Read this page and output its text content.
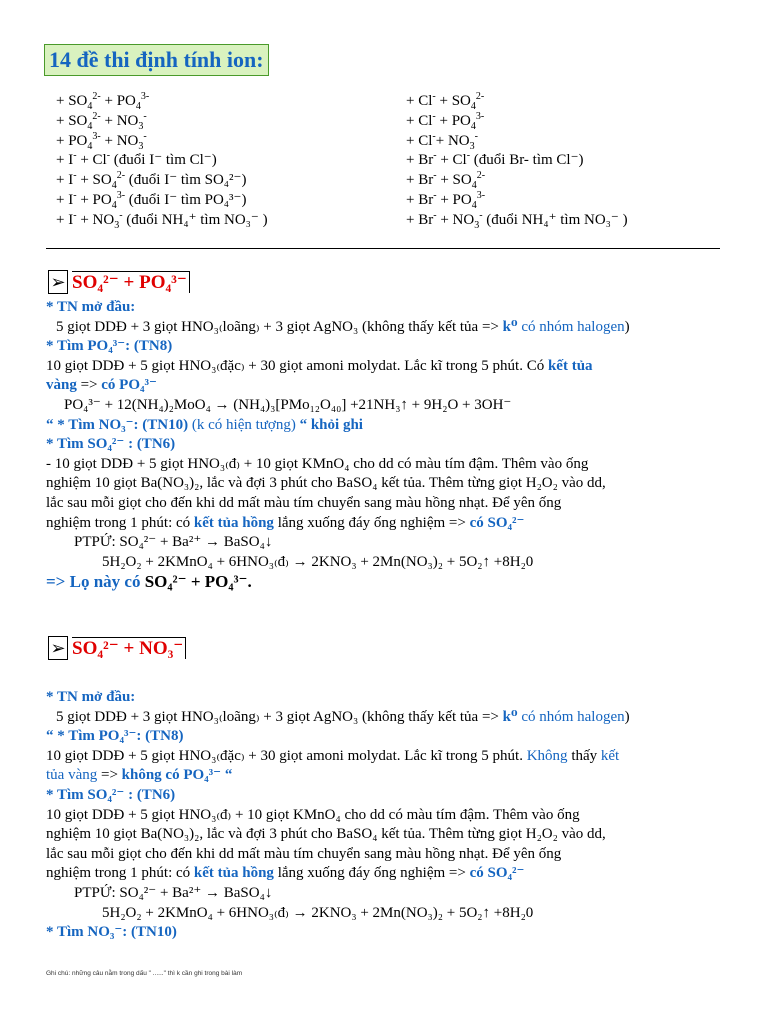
14 đề thi định tính ion:
+ $SO_4^{2-} + PO_4^{3-}$
+ $SO_4^{2-} + NO_3^-$
+ $PO_4^{3-} + NO_3^-$
+ I- + Cl- (đuổi I⁻ tìm Cl⁻)
+ $I^- + SO_4^{2-}$ (đuổi I⁻ tìm SO₄²⁻)
+ $I^- + PO_4^{3-}$ (đuổi I⁻ tìm PO₄³⁻)
+ $I^- + NO_3^-$ (đuổi NH₄⁺ tìm NO₃⁻ )
+ $Cl^- + SO_4^{2-}$
+ $Cl^- + PO_4^{3-}$
+ $Cl^-+ NO_3^-$
+ Br- + Cl- (đuổi Br- tìm Cl⁻)
+ $Br^- + SO_4^{2-}$
+ $Br^- + PO_4^{3-}$
+ $Br^- + NO_3^-$ (đuổi NH₄⁺ tìm NO₃⁻ )
➢ SO₄²⁻ + PO₄³⁻
* TN mở đầu:
5 giọt DDĐ + 3 giọt HNO₃₍loãng₎ + 3 giọt AgNO₃ (không thấy kết tủa => k⁰ có nhóm halogen)
* Tìm PO₄³⁻: (TN8)
10 giọt DDĐ + 5 giọt HNO₃₍đặc₎ + 30 giọt amoni molydat. Lắc kĩ trong 5 phút. Có kết tủa
vàng => có PO₄³⁻
PO₄³⁻ + 12(NH₄)₂MoO₄ → (NH₄)₃[PMo₁₂O₄₀] +21NH₃↑ + 9H₂O + 3OH⁻
“ * Tìm NO₃⁻: (TN10) (k có hiện tượng) “ khỏi ghi
* Tìm SO₄²⁻ : (TN6)
- 10 giọt DDĐ + 5 giọt HNO₃₍đ₎ + 10 giọt KMnO₄ cho dd có màu tím đậm. Thêm vào ống
nghiệm 10 giọt Ba(NO₃)₂, lắc và đợi 3 phút cho BaSO₄ kết tủa. Thêm từng giọt H₂O₂ vào dd,
lắc sau mỗi giọt cho đến khi dd mất màu tím chuyển sang màu hồng nhạt. Để yên ống
nghiệm trong 1 phút: có kết tủa hồng lắng xuống đáy ống nghiệm => có SO₄²⁻
PTPỨ: SO₄²⁻ + Ba²⁺ → BaSO₄↓
5H₂O₂ + 2KMnO₄ + 6HNO₃₍đ₎ → 2KNO₃ + 2Mn(NO₃)₂ + 5O₂↑ +8H₂0
=> Lọ này có SO₄²⁻ + PO₄³⁻.
➢ SO₄²⁻ + NO₃⁻
* TN mở đầu:
5 giọt DDĐ + 3 giọt HNO₃₍loãng₎ + 3 giọt AgNO₃ (không thấy kết tủa => k⁰ có nhóm halogen)
“ * Tìm PO₄³⁻: (TN8)
10 giọt DDĐ + 5 giọt HNO₃₍đặc₎ + 30 giọt amoni molydat. Lắc kĩ trong 5 phút. Không thấy kết
tủa vàng => không có PO₄³⁻ “
* Tìm SO₄²⁻ : (TN6)
10 giọt DDĐ + 5 giọt HNO₃₍đ₎ + 10 giọt KMnO₄ cho dd có màu tím đậm. Thêm vào ống
nghiệm 10 giọt Ba(NO₃)₂, lắc và đợi 3 phút cho BaSO₄ kết tủa. Thêm từng giọt H₂O₂ vào dd,
lắc sau mỗi giọt cho đến khi dd mất màu tím chuyển sang màu hồng nhạt. Để yên ống
nghiệm trong 1 phút: có kết tủa hồng lắng xuống đáy ống nghiệm => có SO₄²⁻
PTPỨ: SO₄²⁻ + Ba²⁺ → BaSO₄↓
5H₂O₂ + 2KMnO₄ + 6HNO₃₍đ₎ → 2KNO₃ + 2Mn(NO₃)₂ + 5O₂↑ +8H₂0
* Tìm NO₃⁻: (TN10)
Ghi chú: những câu nằm trong dấu " ......" thì k cần ghi trong bài làm
